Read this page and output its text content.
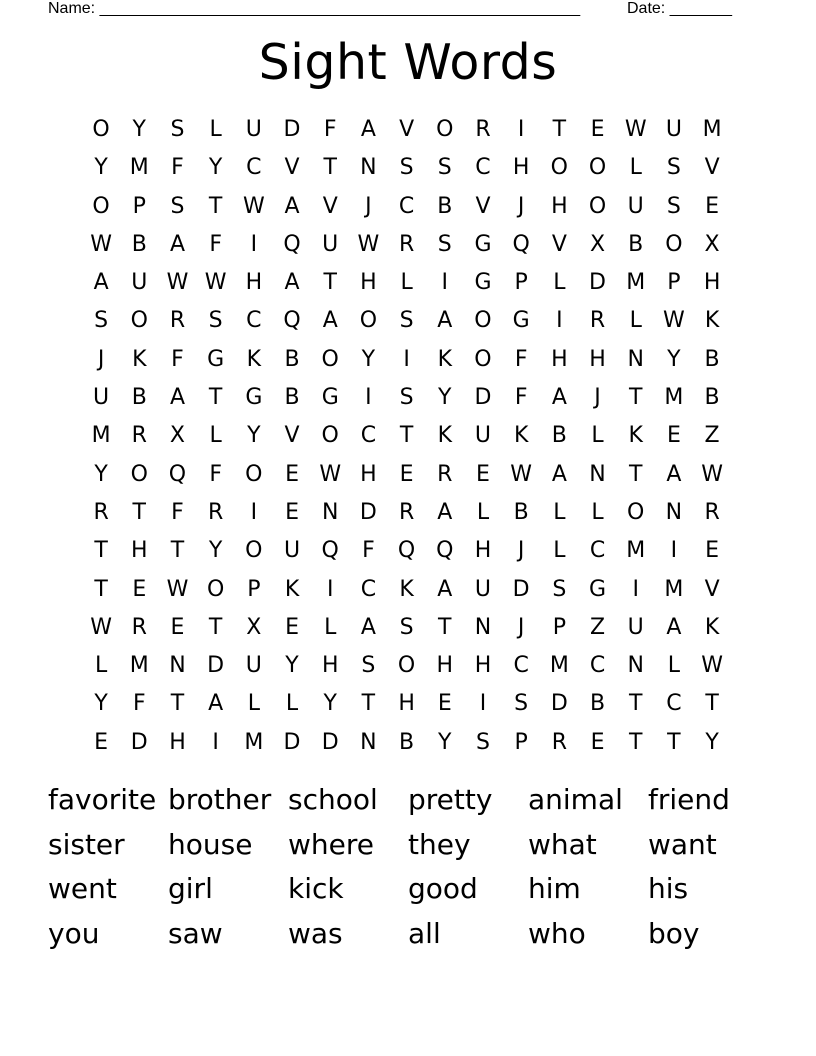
Name: ______________________________________________________	Date: _______
Sight Words
O	Y	S	L	U D	F	A	V O R	I	T	E W U M
Y M	F	Y	C	V	T	N	S	S	C	H O O	L	S	V
O	P	S	T W A	V	J	C	B	V	J	H O U	S	E
W B	A	F	I	Q U W R	S	G Q	V	X	B O X
A	U W W H	A	T	H	L	I	G	P	L	D M	P	H
S	O R	S	C Q	A O	S	A O G	I	R	L W K
J	K	F	G	K	B O	Y	I	K	O	F	H H N	Y	B
U	B	A	T	G	B	G	I	S	Y	D	F	A	J	T M B
M R	X	L	Y	V O C	T	K	U	K	B	L	K	E	Z
Y	O Q	F	O	E W H	E	R	E W A	N	T	A W
R	T	F	R	I	E	N D	R	A	L	B	L	L	O N	R
T	H	T	Y	O U Q	F	Q Q H	J	L	C M	I	E
T	E W O	P	K	I	C	K	A	U D	S	G	I	M V
W R	E	T	X	E	L	A	S	T	N	J	P	Z	U	A	K
L	M N D U	Y	H	S	O H H	C M C	N	L W
Y	F	T	A	L	L	Y	T	H	E	I	S	D	B	T	C	T
E	D H	I	M D D N	B	Y	S	P	R	E	T	T	Y
favorite brother school	pretty	animal friend
sister	house	where	they	what	want
went	girl	kick	good	him	his
you	saw	was	all	who	boy
